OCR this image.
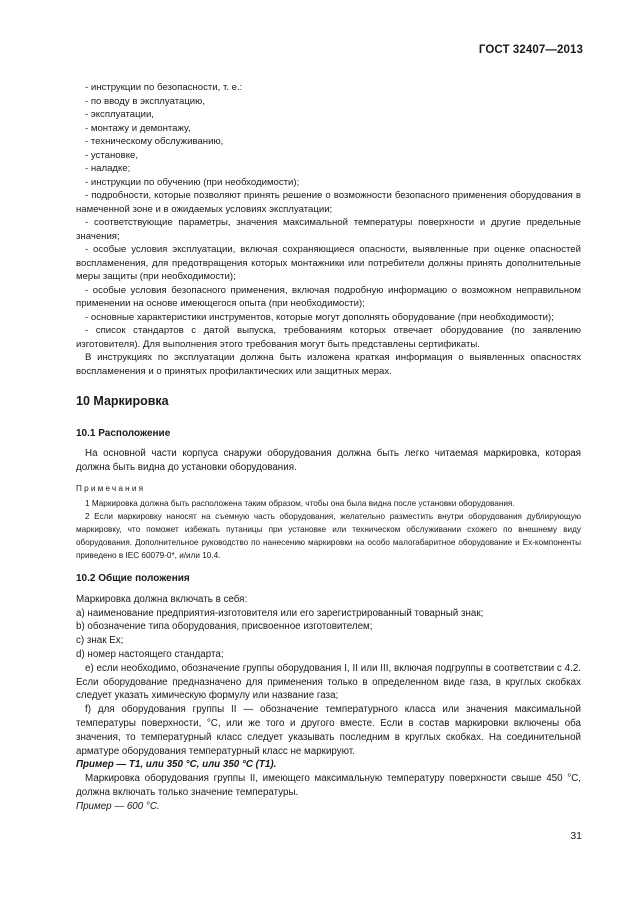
ГОСТ 32407—2013

- инструкции по безопасности, т. е.:

- по вводу в эксплуатацию,

- эксплуатации,

- монтажу и демонтажу,

- техническому обслуживанию,

- установке,

- наладке;

- инструкции по обучению (при необходимости);

- подробности, которые позволяют принять решение о возможности безопасного применения оборудования в намеченной зоне и в ожидаемых условиях эксплуатации;

- соответствующие параметры, значения максимальной температуры поверхности и другие предельные значения;

- особые условия эксплуатации, включая сохраняющиеся опасности, выявленные при оценке опасностей воспламенения, для предотвращения которых монтажники или потребители должны принять дополнительные меры защиты (при необходимости);

- особые условия безопасного применения, включая подробную информацию о возможном неправильном применении на основе имеющегося опыта (при необходимости);

- основные характеристики инструментов, которые могут дополнять оборудование (при необходимости);

- список стандартов с датой выпуска, требованиям которых отвечает оборудование (по заявлению изготовителя). Для выполнения этого требования могут быть представлены сертификаты.

В инструкциях по эксплуатации должна быть изложена краткая информация о выявленных опасностях воспламенения и о принятых профилактических или защитных мерах.

10 Маркировка
10.1 Расположение

На основной части корпуса снаружи оборудования должна быть легко читаемая маркировка, которая должна быть видна до установки оборудования.

Примечания

1 Маркировка должна быть расположена таким образом, чтобы она была видна после установки оборудования.

2 Если маркировку наносят на съемную часть оборудования, желательно разместить внутри оборудования дублирующую маркировку, что поможет избежать путаницы при установке или техническом обслуживании схожего по внешнему виду оборудования. Дополнительное руководство по нанесению маркировки на особо малогабаритное оборудование и Ex-компоненты приведено в IEC 60079-0*, и/или 10.4.

10.2 Общие положения

Маркировка должна включать в себя:

а) наименование предприятия-изготовителя или его зарегистрированный товарный знак;

b) обозначение типа оборудования, присвоенное изготовителем;

c) знак Ex;

d) номер настоящего стандарта;

e) если необходимо, обозначение группы оборудования I, II или III, включая подгруппы в соответствии с 4.2. Если оборудование предназначено для применения только в определенном виде газа, в круглых скобках следует указать химическую формулу или название газа;

f) для оборудования группы II — обозначение температурного класса или значения максимальной температуры поверхности, °С, или же того и другого вместе. Если в состав маркировки включены оба значения, то температурный класс следует указывать последним в круглых скобках. На соединительной арматуре оборудования температурный класс не маркируют.

Пример — Т1, или 350 °С, или 350 °С (Т1).

Маркировка оборудования группы II, имеющего максимальную температуру поверхности свыше 450 °С, должна включать только значение температуры.

Пример — 600 °С.

31
